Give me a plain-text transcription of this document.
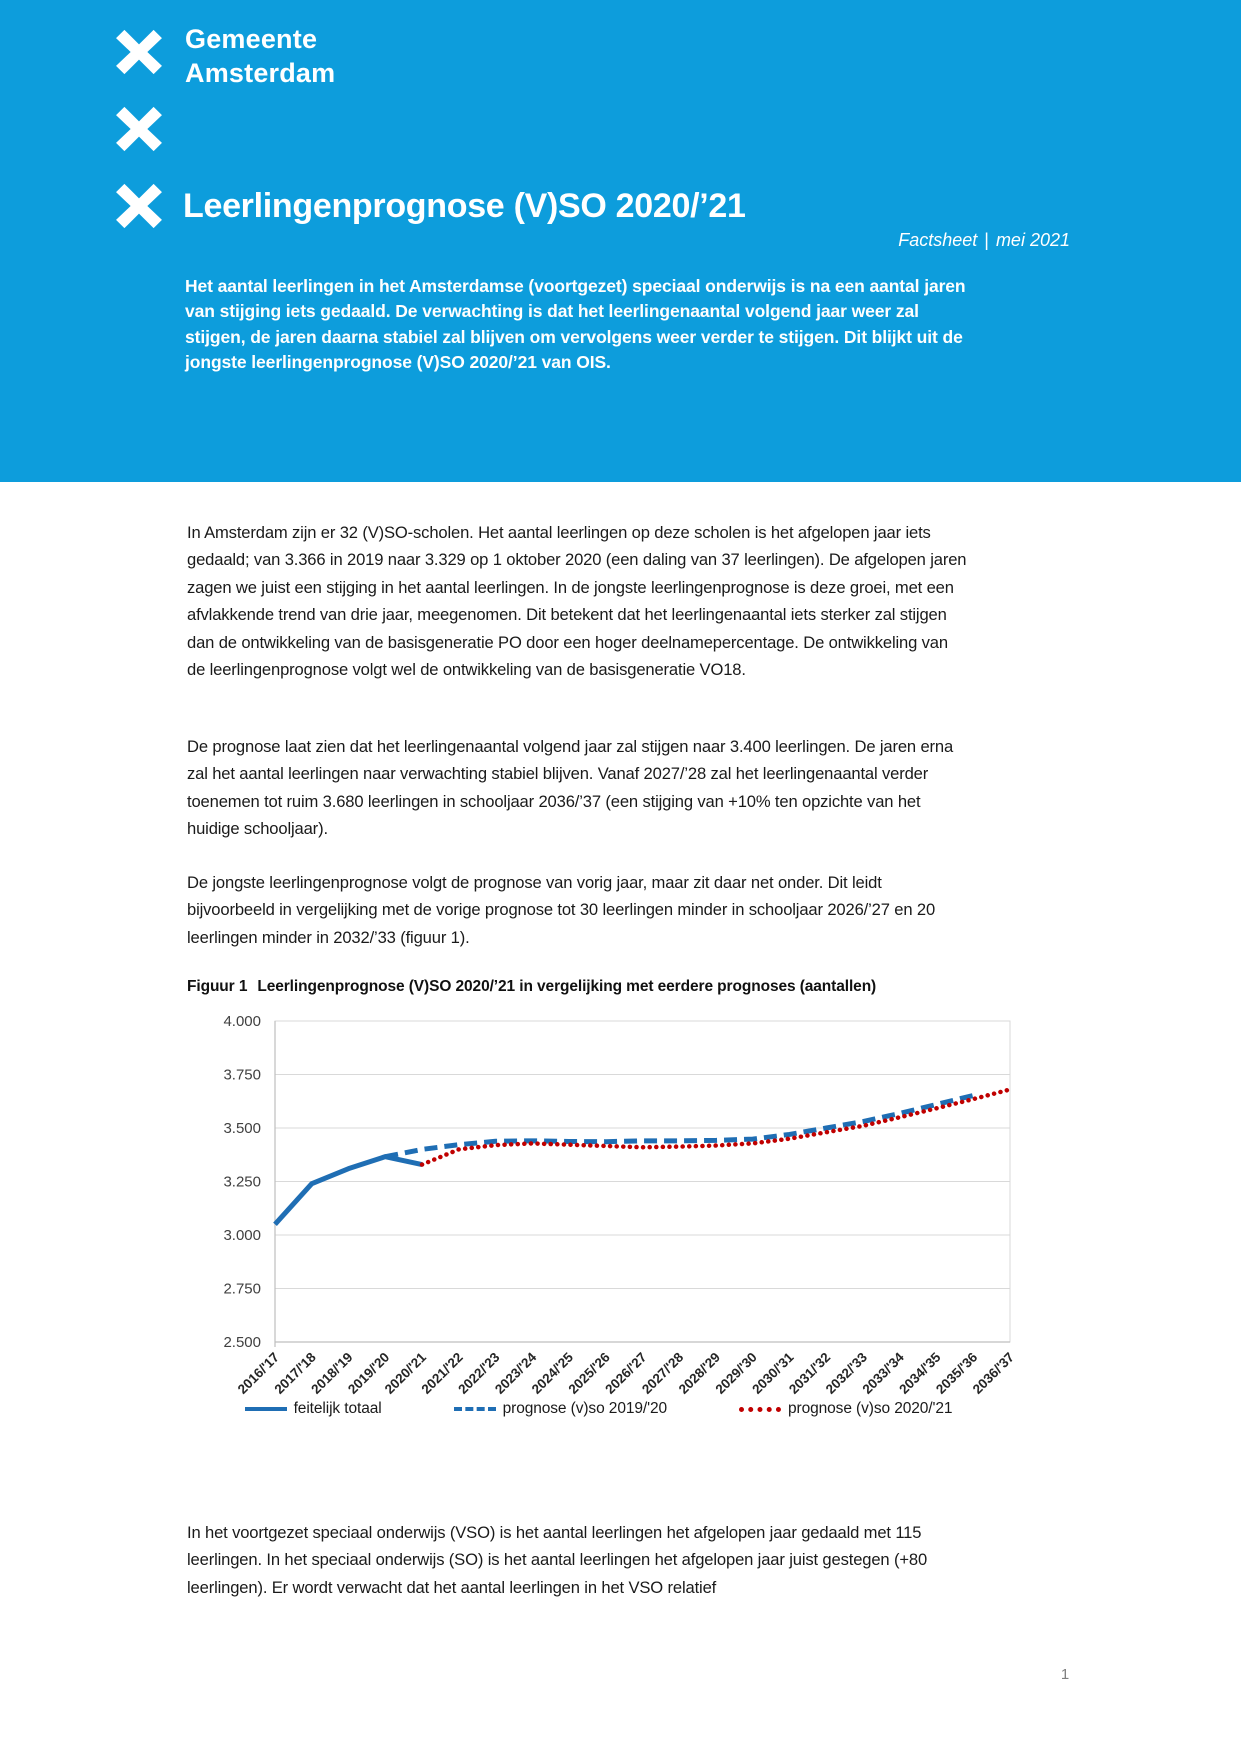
Gemeente
Amsterdam
Leerlingenprognose (V)SO 2020/’21
Factsheet | mei 2021
Het aantal leerlingen in het Amsterdamse (voortgezet) speciaal onderwijs is na een aantal jaren van stijging iets gedaald. De verwachting is dat het leerlingenaantal volgend jaar weer zal stijgen, de jaren daarna stabiel zal blijven om vervolgens weer verder te stijgen. Dit blijkt uit de jongste leerlingenprognose (V)SO 2020/’21 van OIS.
In Amsterdam zijn er 32 (V)SO-scholen. Het aantal leerlingen op deze scholen is het afgelopen jaar iets gedaald; van 3.366 in 2019 naar 3.329 op 1 oktober 2020 (een daling van 37 leerlingen). De afgelopen jaren zagen we juist een stijging in het aantal leerlingen. In de jongste leerlingenprognose is deze groei, met een afvlakkende trend van drie jaar, meegenomen. Dit betekent dat het leerlingenaantal iets sterker zal stijgen dan de ontwikkeling van de basisgeneratie PO door een hoger deelnamepercentage. De ontwikkeling van de leerlingenprognose volgt wel de ontwikkeling van de basisgeneratie VO18.
De prognose laat zien dat het leerlingenaantal volgend jaar zal stijgen naar 3.400 leerlingen. De jaren erna zal het aantal leerlingen naar verwachting stabiel blijven. Vanaf 2027/’28 zal het leerlingenaantal verder toenemen tot ruim 3.680 leerlingen in schooljaar 2036/’37 (een stijging van +10% ten opzichte van het huidige schooljaar).
De jongste leerlingenprognose volgt de prognose van vorig jaar, maar zit daar net onder. Dit leidt bijvoorbeeld in vergelijking met de vorige prognose tot 30 leerlingen minder in schooljaar 2026/’27 en 20 leerlingen minder in 2032/’33 (figuur 1).
Figuur 1 Leerlingenprognose (V)SO 2020/’21 in vergelijking met eerdere prognoses (aantallen)
4.000
3.750
3.500
3.250
3.000
2.750
2.500
2016/'17
2017/'18
2018/'19
2019/'20
2020/'21
2021/'22
2022/'23
2023/'24
2024/'25
2025/'26
2026/'27
2027/'28
2028/'29
2029/'30
2030/'31
2031/'32
2032/'33
2033/'34
2034/'35
2035/'36
2036/'37
feitelijk totaal	prognose (v)so 2019/'20	prognose (v)so 2020/'21
In het voortgezet speciaal onderwijs (VSO) is het aantal leerlingen het afgelopen jaar gedaald met 115 leerlingen. In het speciaal onderwijs (SO) is het aantal leerlingen het afgelopen jaar juist gestegen (+80 leerlingen). Er wordt verwacht dat het aantal leerlingen in het VSO relatief
1
